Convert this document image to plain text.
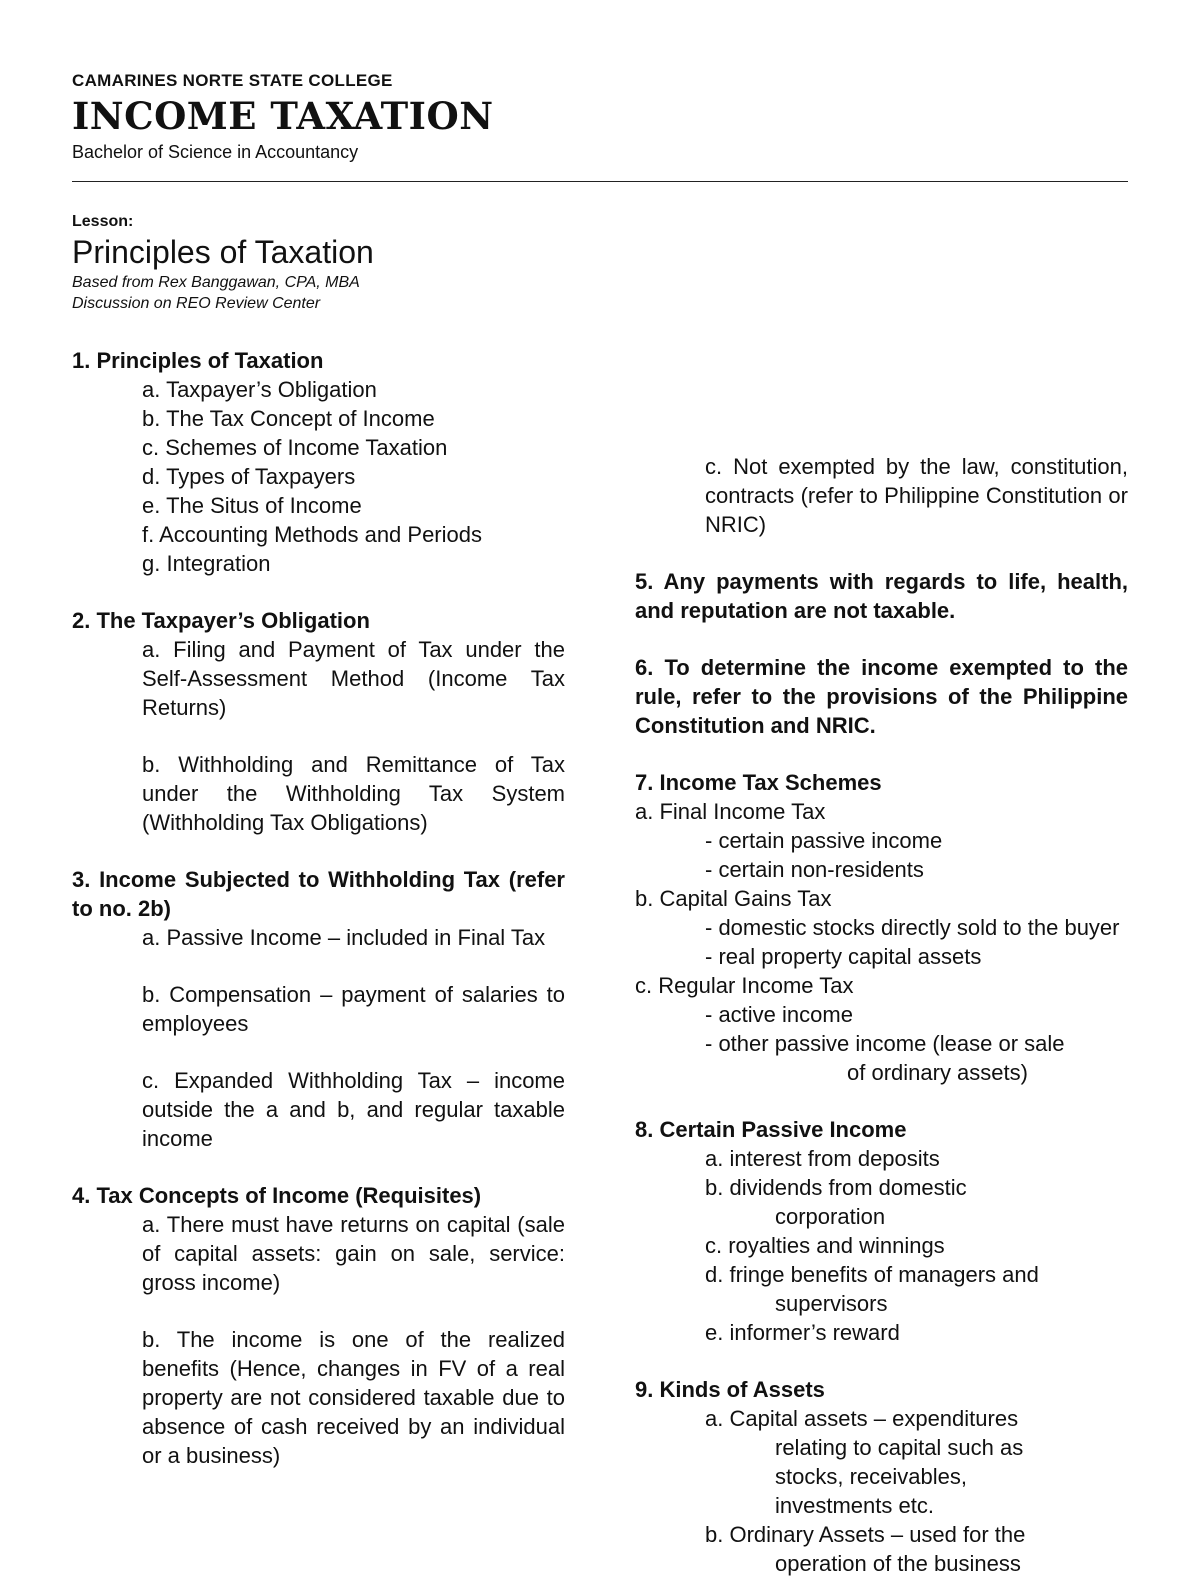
CAMARINES NORTE STATE COLLEGE
INCOME TAXATION
Bachelor of Science in Accountancy
Lesson:
Principles of Taxation
Based from Rex Banggawan, CPA, MBA
Discussion on REO Review Center

1. Principles of Taxation

a. Taxpayer’s Obligation

b. The Tax Concept of Income

c. Schemes of Income Taxation

d. Types of Taxpayers

e. The Situs of Income

f. Accounting Methods and Periods

g. Integration

2. The Taxpayer’s Obligation

a. Filing and Payment of Tax under the Self-Assessment Method (Income Tax Returns)

b. Withholding and Remittance of Tax under the Withholding Tax System (Withholding Tax Obligations)

3. Income Subjected to Withholding Tax (refer to no. 2b)

a. Passive Income – included in Final Tax

b. Compensation – payment of salaries to employees

c. Expanded Withholding Tax – income outside the a and b, and regular taxable income

4. Tax Concepts of Income (Requisites)

a. There must have returns on capital (sale of capital assets: gain on sale, service: gross income)

b. The income is one of the realized benefits (Hence, changes in FV of a real property are not considered taxable due to absence of cash received by an individual or a business)

c. Not exempted by the law, constitution, contracts (refer to Philippine Constitution or NRIC)

5. Any payments with regards to life, health, and reputation are not taxable.

6. To determine the income exempted to the rule, refer to the provisions of the Philippine Constitution and NRIC.

7. Income Tax Schemes

a. Final Income Tax

- certain passive income

- certain non-residents

b. Capital Gains Tax

- domestic stocks directly sold to the buyer

- real property capital assets

c. Regular Income Tax

- active income

- other passive income (lease or sale

of ordinary assets)

8. Certain Passive Income

a. interest from deposits

b. dividends from domestic

corporation

c. royalties and winnings

d. fringe benefits of managers and

supervisors

e. informer’s reward

9. Kinds of Assets

a. Capital assets – expenditures

relating to capital such as

stocks, receivables,

investments etc.

b. Ordinary Assets – used for the

operation of the business
